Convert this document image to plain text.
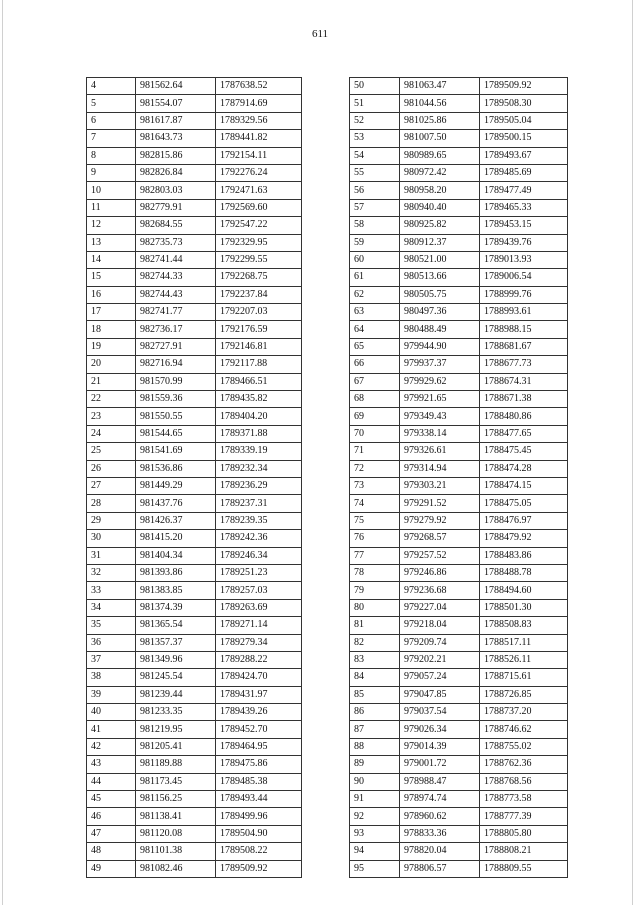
611
4	981562.64	1787638.52
5	981554.07	1787914.69
6	981617.87	1789329.56
7	981643.73	1789441.82
8	982815.86	1792154.11
9	982826.84	1792276.24
10	982803.03	1792471.63
11	982779.91	1792569.60
12	982684.55	1792547.22
13	982735.73	1792329.95
14	982741.44	1792299.55
15	982744.33	1792268.75
16	982744.43	1792237.84
17	982741.77	1792207.03
18	982736.17	1792176.59
19	982727.91	1792146.81
20	982716.94	1792117.88
21	981570.99	1789466.51
22	981559.36	1789435.82
23	981550.55	1789404.20
24	981544.65	1789371.88
25	981541.69	1789339.19
26	981536.86	1789232.34
27	981449.29	1789236.29
28	981437.76	1789237.31
29	981426.37	1789239.35
30	981415.20	1789242.36
31	981404.34	1789246.34
32	981393.86	1789251.23
33	981383.85	1789257.03
34	981374.39	1789263.69
35	981365.54	1789271.14
36	981357.37	1789279.34
37	981349.96	1789288.22
38	981245.54	1789424.70
39	981239.44	1789431.97
40	981233.35	1789439.26
41	981219.95	1789452.70
42	981205.41	1789464.95
43	981189.88	1789475.86
44	981173.45	1789485.38
45	981156.25	1789493.44
46	981138.41	1789499.96
47	981120.08	1789504.90
48	981101.38	1789508.22
49	981082.46	1789509.92
50	981063.47	1789509.92
51	981044.56	1789508.30
52	981025.86	1789505.04
53	981007.50	1789500.15
54	980989.65	1789493.67
55	980972.42	1789485.69
56	980958.20	1789477.49
57	980940.40	1789465.33
58	980925.82	1789453.15
59	980912.37	1789439.76
60	980521.00	1789013.93
61	980513.66	1789006.54
62	980505.75	1788999.76
63	980497.36	1788993.61
64	980488.49	1788988.15
65	979944.90	1788681.67
66	979937.37	1788677.73
67	979929.62	1788674.31
68	979921.65	1788671.38
69	979349.43	1788480.86
70	979338.14	1788477.65
71	979326.61	1788475.45
72	979314.94	1788474.28
73	979303.21	1788474.15
74	979291.52	1788475.05
75	979279.92	1788476.97
76	979268.57	1788479.92
77	979257.52	1788483.86
78	979246.86	1788488.78
79	979236.68	1788494.60
80	979227.04	1788501.30
81	979218.04	1788508.83
82	979209.74	1788517.11
83	979202.21	1788526.11
84	979057.24	1788715.61
85	979047.85	1788726.85
86	979037.54	1788737.20
87	979026.34	1788746.62
88	979014.39	1788755.02
89	979001.72	1788762.36
90	978988.47	1788768.56
91	978974.74	1788773.58
92	978960.62	1788777.39
93	978833.36	1788805.80
94	978820.04	1788808.21
95	978806.57	1788809.55
